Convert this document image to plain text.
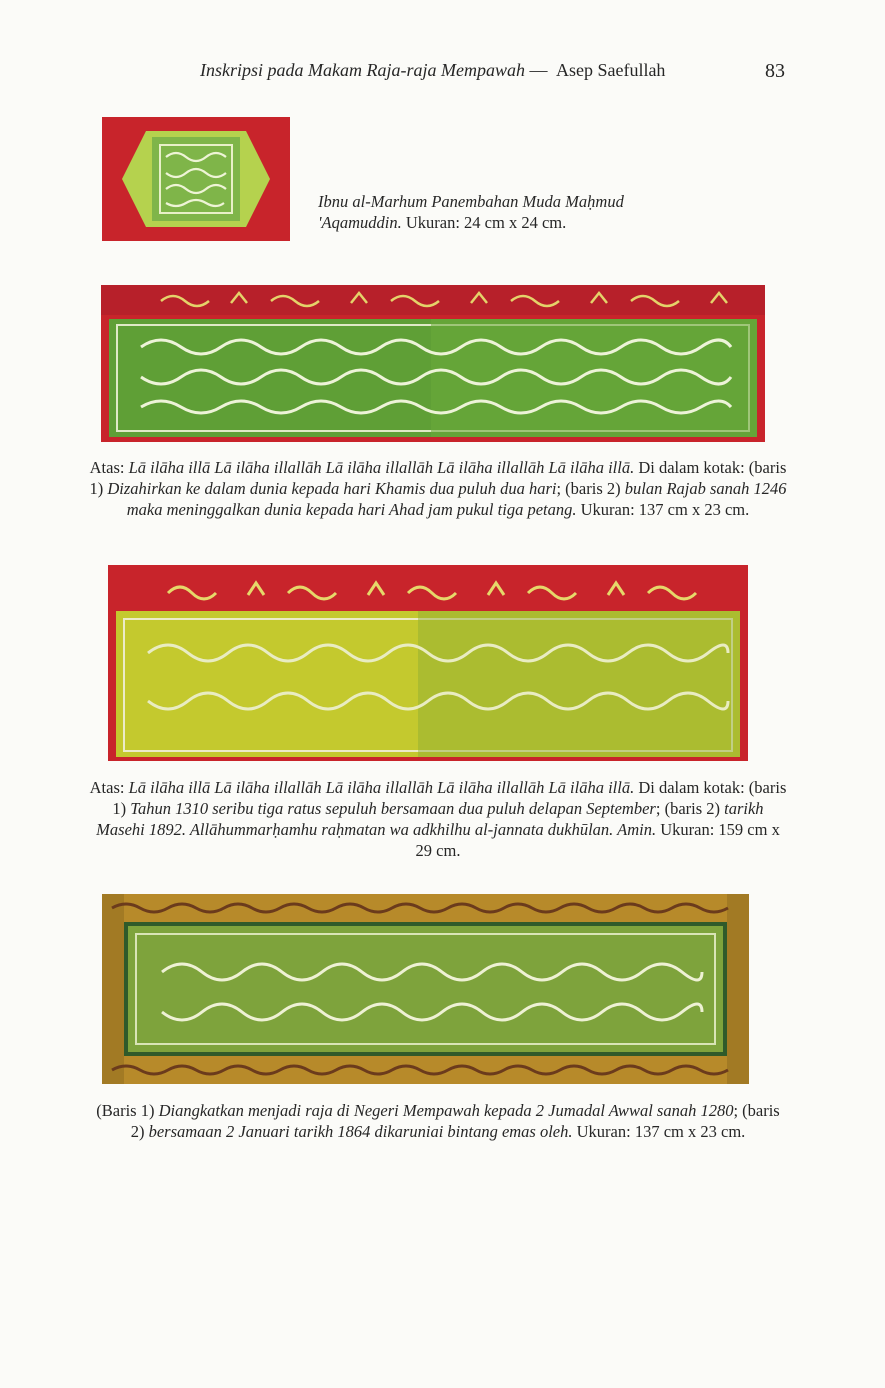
Inskripsi pada Makam Raja-raja Mempawah — Asep Saefullah	83
Ibnu al-Marhum Panembahan Muda Maḥmud
'Aqamuddin. Ukuran: 24 cm x 24 cm.
Atas: Lā ilāha illā Lā ilāha illallāh Lā ilāha illallāh Lā ilāha illallāh Lā ilāha illā. Di dalam kotak: (baris 1) Dizahirkan ke dalam dunia kepada hari Khamis dua puluh dua hari; (baris 2) bulan Rajab sanah 1246 maka meninggalkan dunia kepada hari Ahad jam pukul tiga petang. Ukuran: 137 cm x 23 cm.
Atas: Lā ilāha illā Lā ilāha illallāh Lā ilāha illallāh Lā ilāha illallāh Lā ilāha illā. Di dalam kotak: (baris 1) Tahun 1310 seribu tiga ratus sepuluh bersamaan dua puluh delapan September; (baris 2) tarikh Masehi 1892. Allāhummarḥamhu raḥmatan wa adkhilhu al-jannata dukhūlan. Amin. Ukuran: 159 cm x 29 cm.
(Baris 1) Diangkatkan menjadi raja di Negeri Mempawah kepada 2 Jumadal Awwal sanah 1280; (baris 2) bersamaan 2 Januari tarikh 1864 dikaruniai bintang emas oleh. Ukuran: 137 cm x 23 cm.
